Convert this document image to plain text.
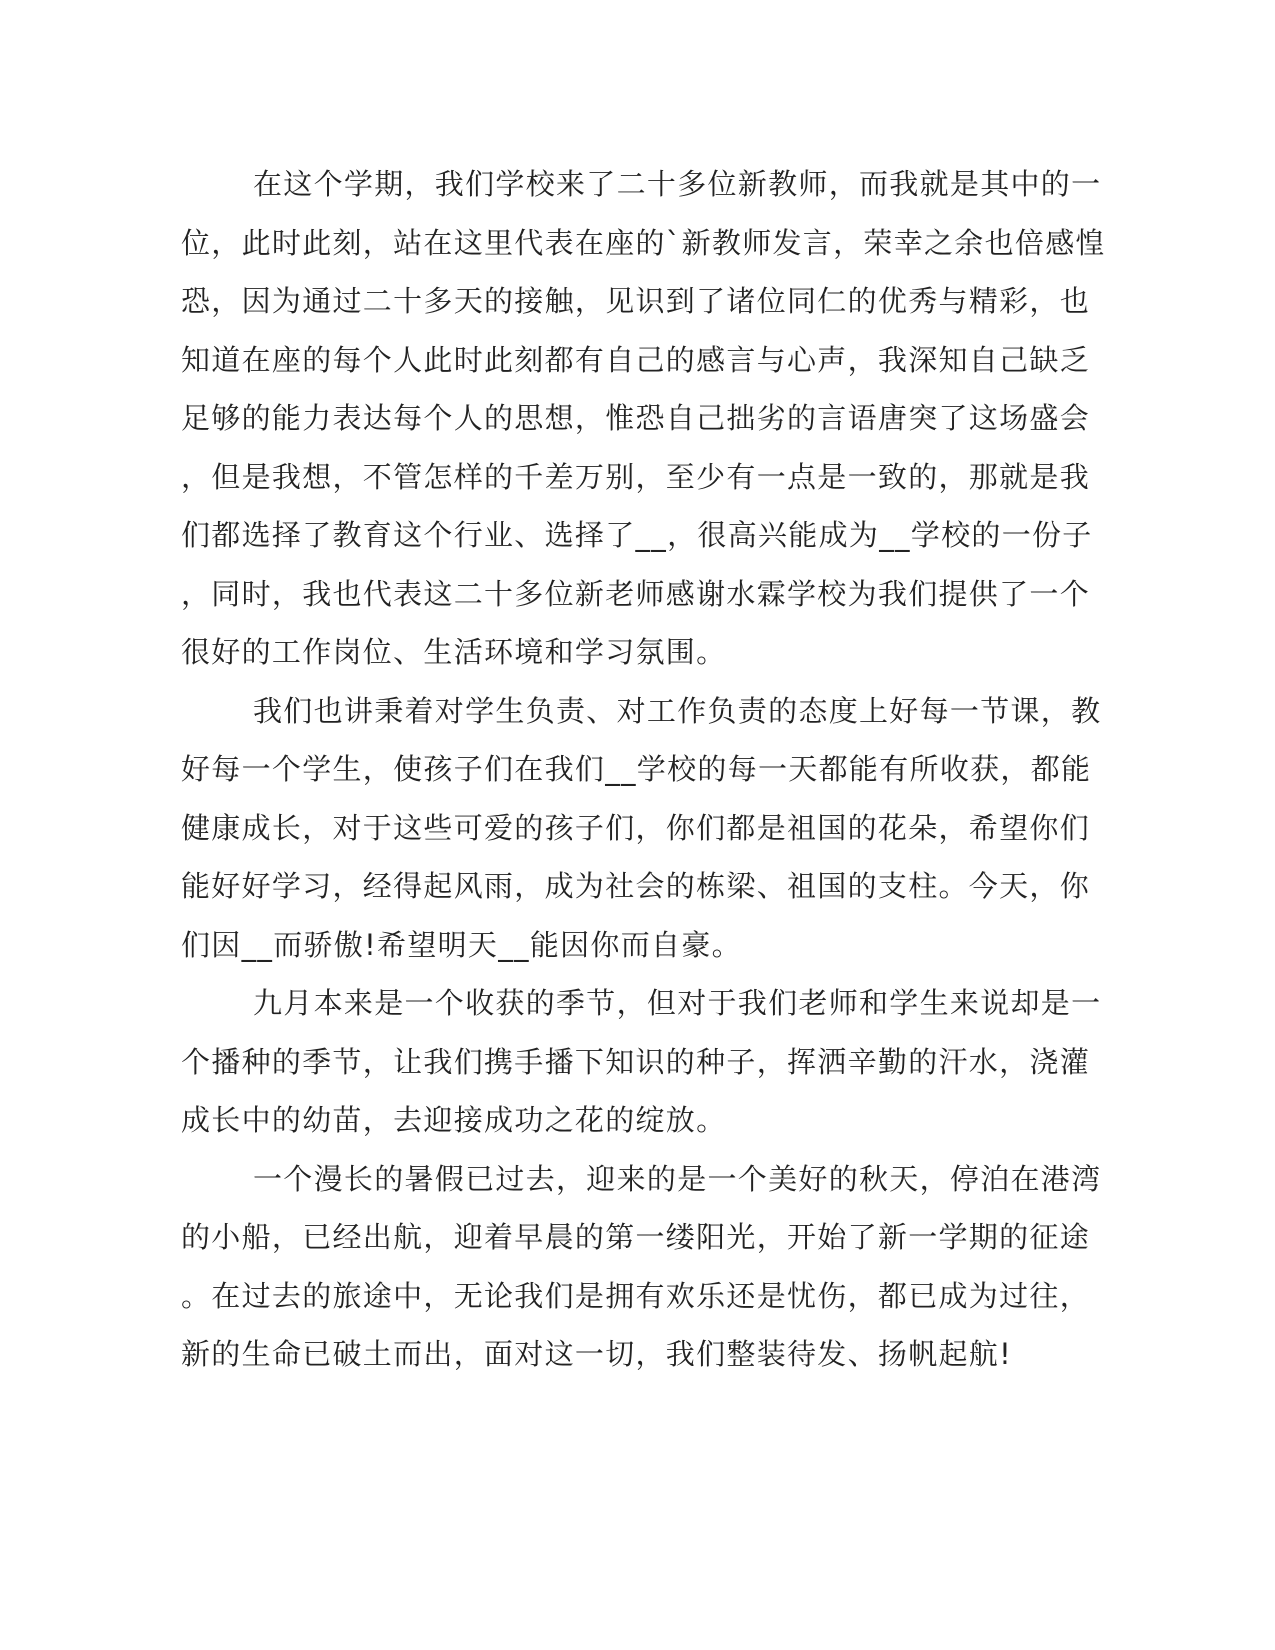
在这个学期，我们学校来了二十多位新教师，而我就是其中的一
位，此时此刻，站在这里代表在座的`新教师发言，荣幸之余也倍感惶
恐，因为通过二十多天的接触，见识到了诸位同仁的优秀与精彩，也
知道在座的每个人此时此刻都有自己的感言与心声，我深知自己缺乏
足够的能力表达每个人的思想，惟恐自己拙劣的言语唐突了这场盛会
，但是我想，不管怎样的千差万别，至少有一点是一致的，那就是我
们都选择了教育这个行业、选择了__，很高兴能成为__学校的一份子
，同时，我也代表这二十多位新老师感谢水霖学校为我们提供了一个
很好的工作岗位、生活环境和学习氛围。
我们也讲秉着对学生负责、对工作负责的态度上好每一节课，教
好每一个学生，使孩子们在我们__学校的每一天都能有所收获，都能
健康成长，对于这些可爱的孩子们，你们都是祖国的花朵，希望你们
能好好学习，经得起风雨，成为社会的栋梁、祖国的支柱。今天，你
们因__而骄傲!希望明天__能因你而自豪。
九月本来是一个收获的季节，但对于我们老师和学生来说却是一
个播种的季节，让我们携手播下知识的种子，挥洒辛勤的汗水，浇灌
成长中的幼苗，去迎接成功之花的绽放。
一个漫长的暑假已过去，迎来的是一个美好的秋天，停泊在港湾
的小船，已经出航，迎着早晨的第一缕阳光，开始了新一学期的征途
。在过去的旅途中，无论我们是拥有欢乐还是忧伤，都已成为过往，
新的生命已破土而出，面对这一切，我们整装待发、扬帆起航!
